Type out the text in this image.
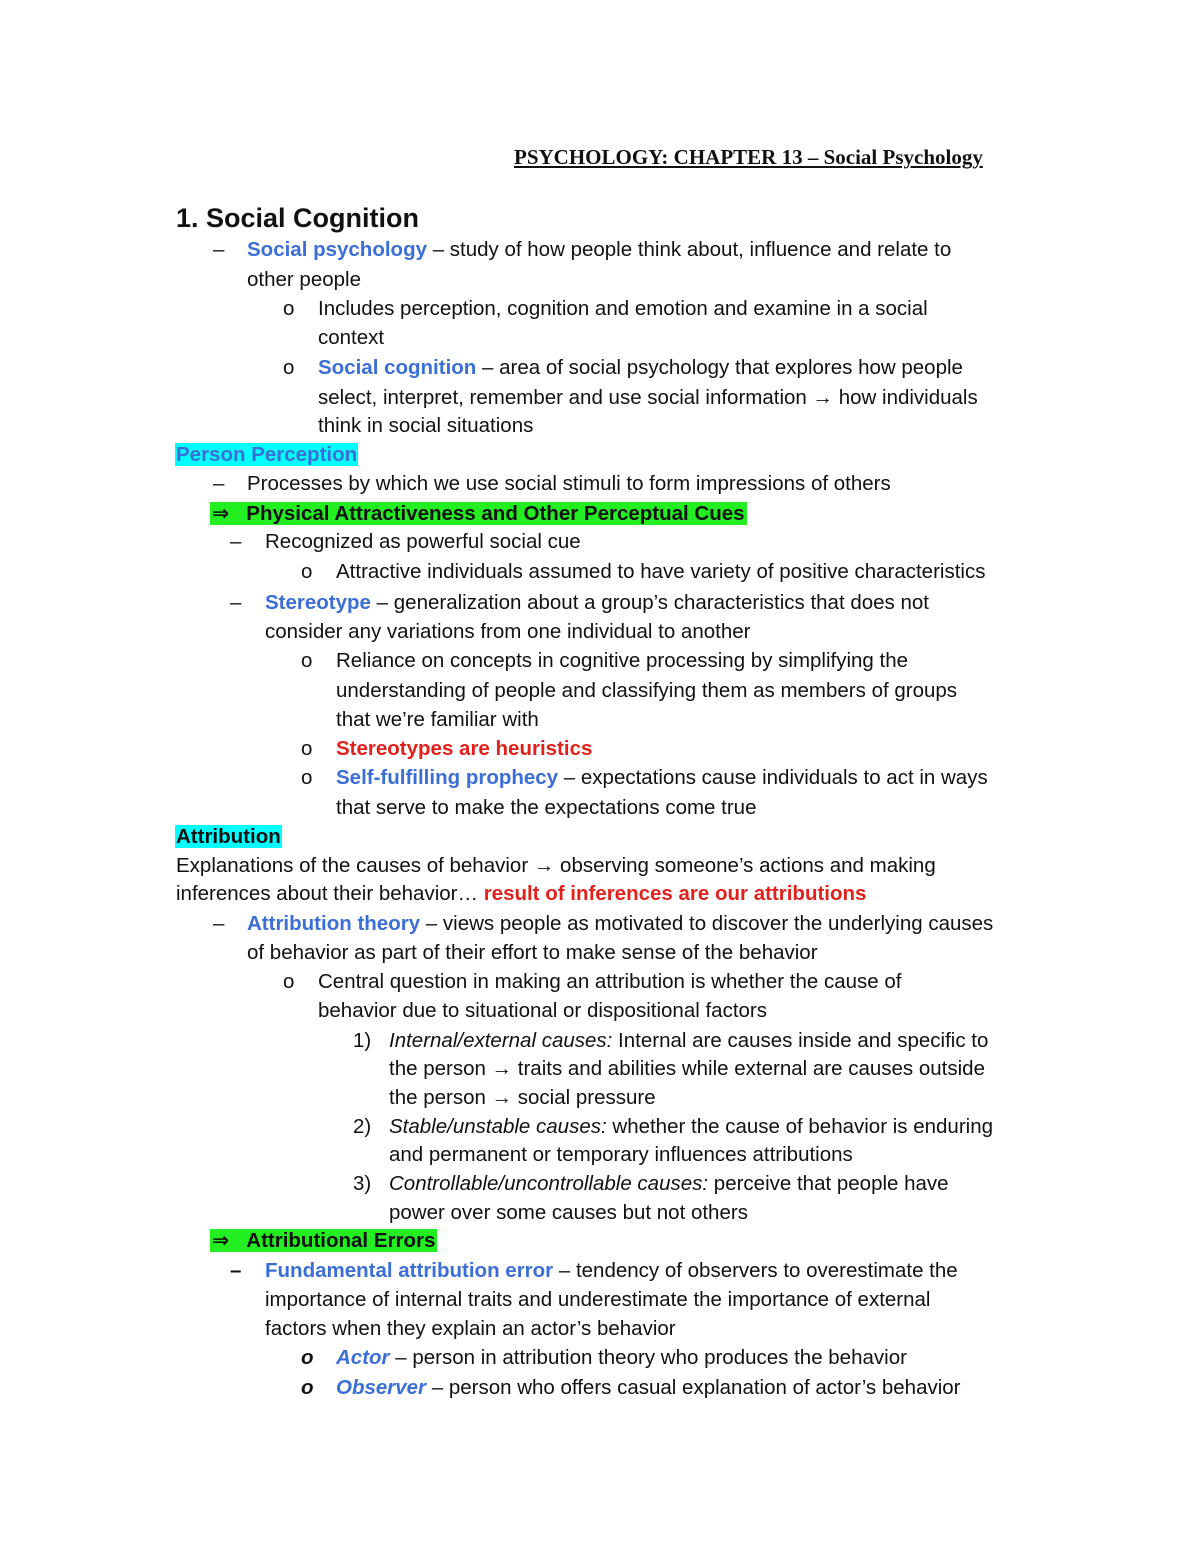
PSYCHOLOGY: CHAPTER 13 – Social Psychology
1. Social Cognition
– Social psychology – study of how people think about, influence and relate to
other people
o Includes perception, cognition and emotion and examine in a social
context
o Social cognition – area of social psychology that explores how people
select, interpret, remember and use social information → how individuals
think in social situations
Person Perception
– Processes by which we use social stimuli to form impressions of others
⇒ Physical Attractiveness and Other Perceptual Cues
– Recognized as powerful social cue
o Attractive individuals assumed to have variety of positive characteristics
– Stereotype – generalization about a group’s characteristics that does not
consider any variations from one individual to another
o Reliance on concepts in cognitive processing by simplifying the
understanding of people and classifying them as members of groups
that we’re familiar with
o Stereotypes are heuristics
o Self-fulfilling prophecy – expectations cause individuals to act in ways
that serve to make the expectations come true
Attribution
Explanations of the causes of behavior → observing someone’s actions and making
inferences about their behavior… result of inferences are our attributions
– Attribution theory – views people as motivated to discover the underlying causes
of behavior as part of their effort to make sense of the behavior
o Central question in making an attribution is whether the cause of
behavior due to situational or dispositional factors
1) Internal/external causes: Internal are causes inside and specific to
the person → traits and abilities while external are causes outside
the person → social pressure
2) Stable/unstable causes: whether the cause of behavior is enduring
and permanent or temporary influences attributions
3) Controllable/uncontrollable causes: perceive that people have
power over some causes but not others
⇒ Attributional Errors
– Fundamental attribution error – tendency of observers to overestimate the
importance of internal traits and underestimate the importance of external
factors when they explain an actor’s behavior
o Actor – person in attribution theory who produces the behavior
o Observer – person who offers casual explanation of actor’s behavior
